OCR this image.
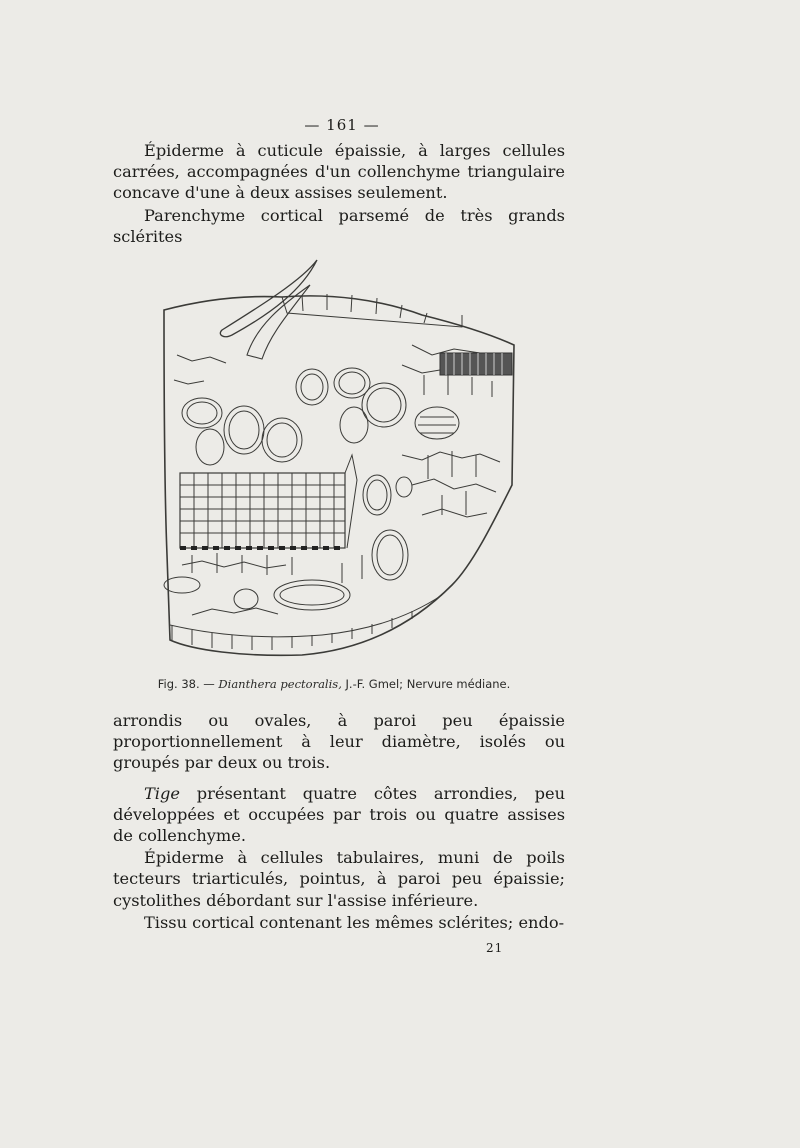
— 161 —

Épiderme à cuticule épaissie, à larges cellules carrées, accompagnées d'un collenchyme triangulaire concave d'une à deux assises seulement.

Parenchyme cortical parsemé de très grands sclérites

Fig. 38. — Dianthera pectoralis, J.-F. Gmel; Nervure médiane.

arrondis ou ovales, à paroi peu épaissie proportionnellement à leur diamètre, isolés ou groupés par deux ou trois.

Tige présentant quatre côtes arrondies, peu développées et occupées par trois ou quatre assises de collenchyme.

Épiderme à cellules tabulaires, muni de poils tecteurs triarticulés, pointus, à paroi peu épaissie; cystolithes débordant sur l'assise inférieure.

Tissu cortical contenant les mêmes sclérites; endo-

21
